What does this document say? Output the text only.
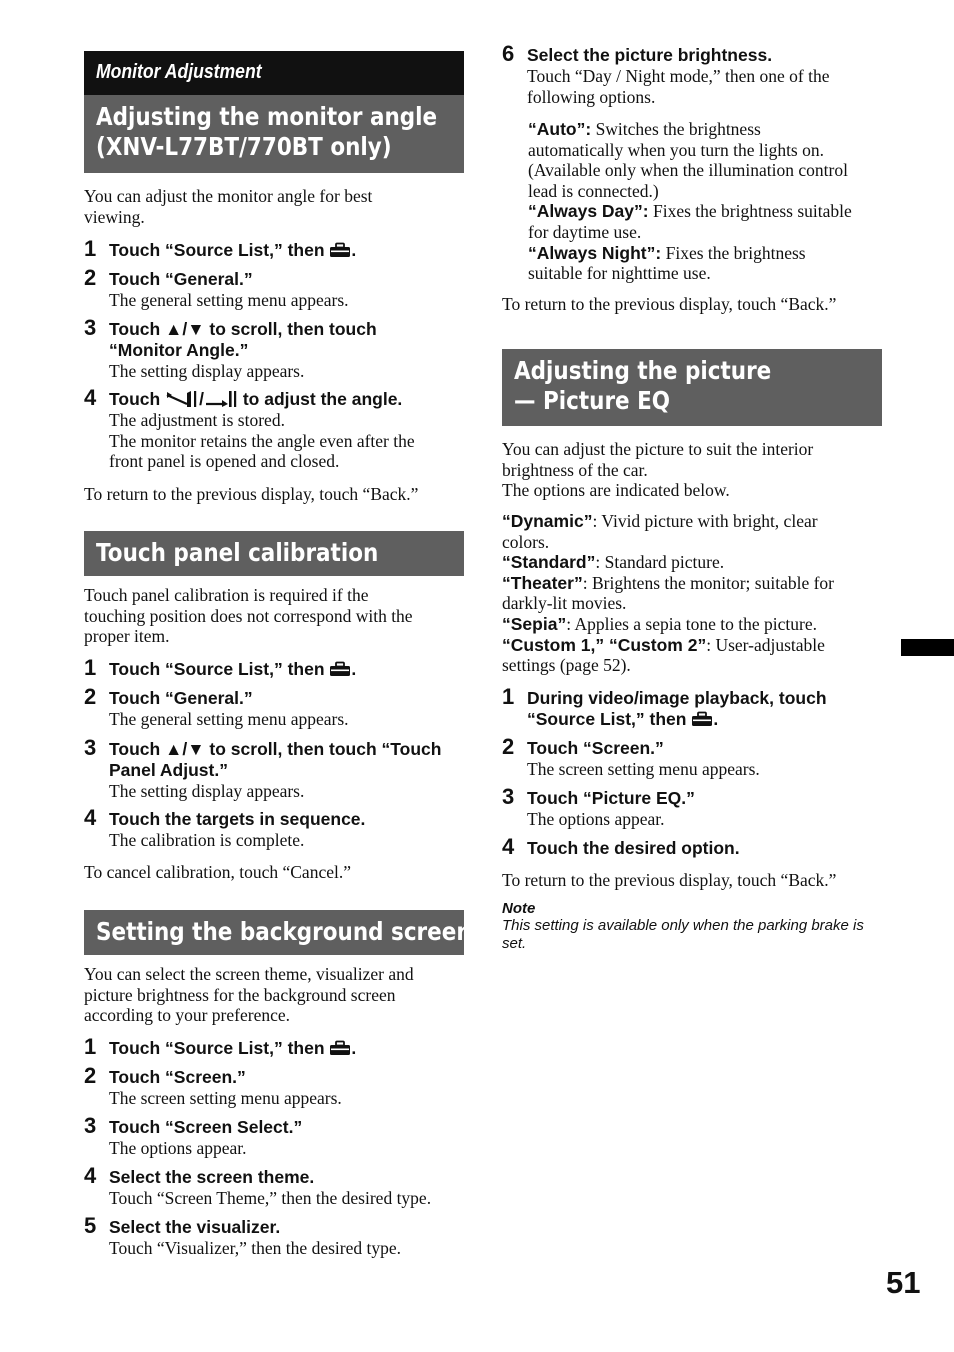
Monitor Adjustment
Adjusting the monitor angle
(XNV-L77BT/770BT only)
You can adjust the monitor angle for best
viewing.
1 Touch “Source List,” then .
2 Touch “General.”
The general setting menu appears.
3 Touch ▲/▼ to scroll, then touch
“Monitor Angle.”
The setting display appears.
4 Touch / to adjust the angle.
The adjustment is stored.
The monitor retains the angle even after the
front panel is opened and closed.
To return to the previous display, touch “Back.”
Touch panel calibration
Touch panel calibration is required if the
touching position does not correspond with the
proper item.
1 Touch “Source List,” then .
2 Touch “General.”
The general setting menu appears.
3 Touch ▲/▼ to scroll, then touch “Touch
Panel Adjust.”
The setting display appears.
4 Touch the targets in sequence.
The calibration is complete.
To cancel calibration, touch “Cancel.”
Setting the background screen
You can select the screen theme, visualizer and
picture brightness for the background screen
according to your preference.
1 Touch “Source List,” then .
2 Touch “Screen.”
The screen setting menu appears.
3 Touch “Screen Select.”
The options appear.
4 Select the screen theme.
Touch “Screen Theme,” then the desired type.
5 Select the visualizer.
Touch “Visualizer,” then the desired type.
6 Select the picture brightness.
Touch “Day / Night mode,” then one of the
following options.
“Auto”: Switches the brightness
automatically when you turn the lights on.
(Available only when the illumination control
lead is connected.)
“Always Day”: Fixes the brightness suitable
for daytime use.
“Always Night”: Fixes the brightness
suitable for nighttime use.
To return to the previous display, touch “Back.”
Adjusting the picture
— Picture EQ
You can adjust the picture to suit the interior
brightness of the car.
The options are indicated below.
“Dynamic”: Vivid picture with bright, clear
colors.
“Standard”: Standard picture.
“Theater”: Brightens the monitor; suitable for
darkly-lit movies.
“Sepia”: Applies a sepia tone to the picture.
“Custom 1,” “Custom 2”: User-adjustable
settings (page 52).
1 During video/image playback, touch
“Source List,” then .
2 Touch “Screen.”
The screen setting menu appears.
3 Touch “Picture EQ.”
The options appear.
4 Touch the desired option.
To return to the previous display, touch “Back.”
Note
This setting is available only when the parking brake is
set.
51
